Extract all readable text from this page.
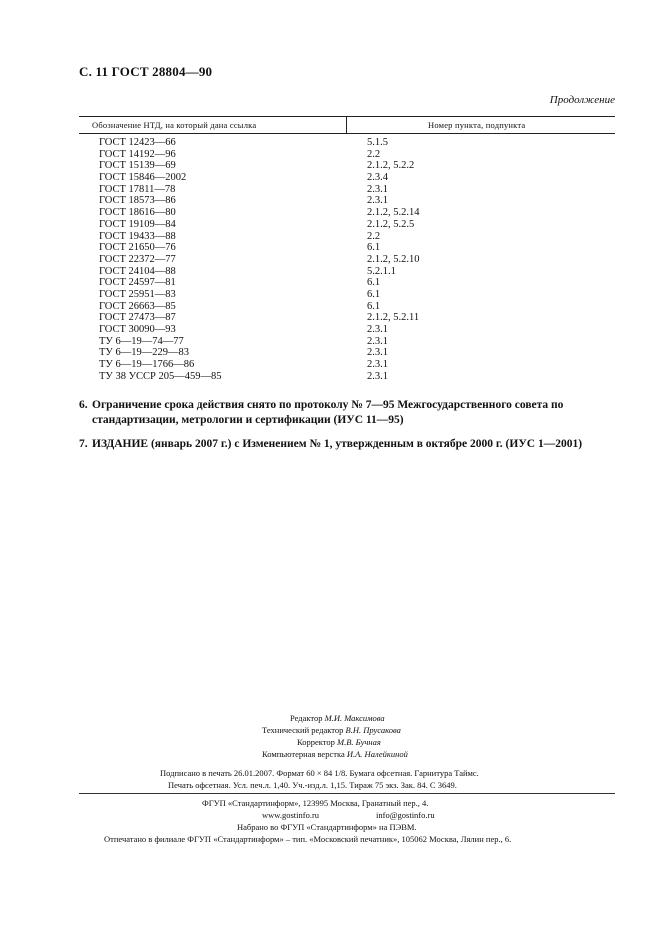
С. 11 ГОСТ 28804—90
Продолжение
Обозначение НТД, на который дана ссылка	Номер пункта, подпункта
ГОСТ 12423—66	5.1.5
ГОСТ 14192—96	2.2
ГОСТ 15139—69	2.1.2, 5.2.2
ГОСТ 15846—2002	2.3.4
ГОСТ 17811—78	2.3.1
ГОСТ 18573—86	2.3.1
ГОСТ 18616—80	2.1.2, 5.2.14
ГОСТ 19109—84	2.1.2, 5.2.5
ГОСТ 19433—88	2.2
ГОСТ 21650—76	6.1
ГОСТ 22372—77	2.1.2, 5.2.10
ГОСТ 24104—88	5.2.1.1
ГОСТ 24597—81	6.1
ГОСТ 25951—83	6.1
ГОСТ 26663—85	6.1
ГОСТ 27473—87	2.1.2, 5.2.11
ГОСТ 30090—93	2.3.1
ТУ 6—19—74—77	2.3.1
ТУ 6—19—229—83	2.3.1
ТУ 6—19—1766—86	2.3.1
ТУ 38 УССР 205—459—85	2.3.1
6. Ограничение срока действия снято по протоколу № 7—95 Межгосударственного совета по стандартизации, метрологии и сертификации (ИУС 11—95)
7. ИЗДАНИЕ (январь 2007 г.) с Изменением № 1, утвержденным в октябре 2000 г. (ИУС 1—2001)
Редактор М.И. Максимова
Технический редактор В.Н. Прусакова
Корректор М.В. Бучная
Компьютерная верстка И.А. Налейкиной
Подписано в печать 26.01.2007. Формат 60 × 84 1/8. Бумага офсетная. Гарнитура Таймс.
Печать офсетная. Усл. печ.л. 1,40. Уч.-изд.л. 1,15. Тираж 75 экз. Зак. 84. С 3649.
ФГУП «Стандартинформ», 123995 Москва, Гранатный пер., 4.
www.gostinfo.ru	info@gostinfo.ru
Набрано во ФГУП «Стандартинформ» на ПЭВМ.
Отпечатано в филиале ФГУП «Стандартинформ» – тип. «Московский печатник», 105062 Москва, Лялин пер., 6.
